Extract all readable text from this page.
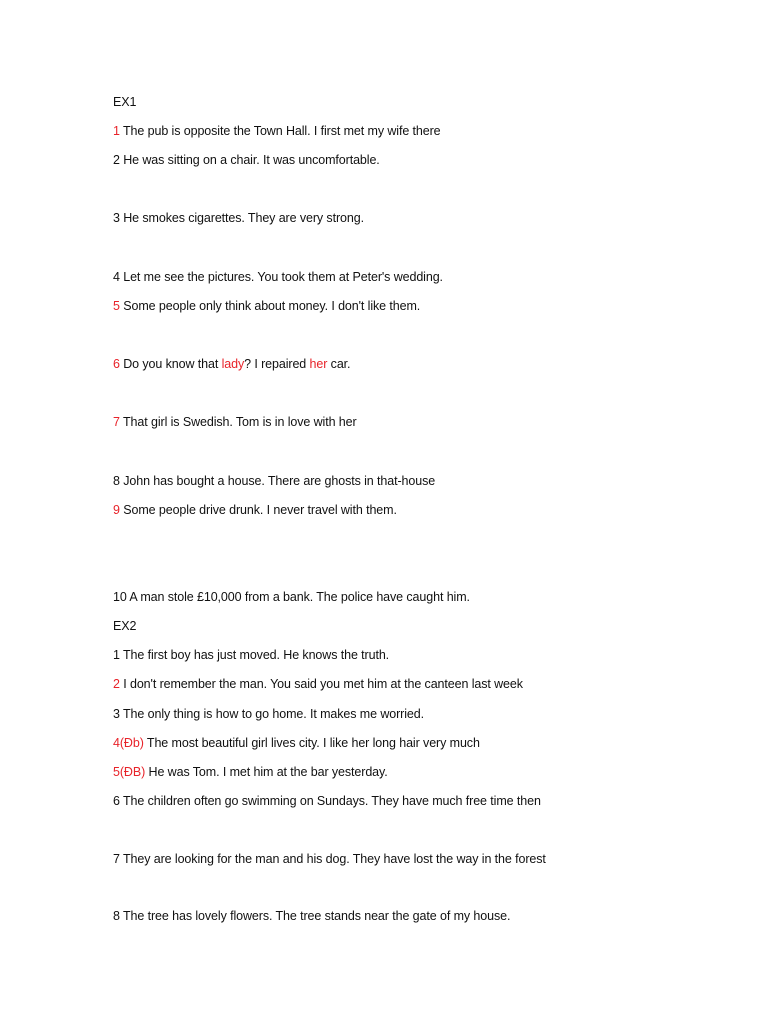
EX1
1 The pub is opposite the Town Hall. I first met my wife there
2 He was sitting on a chair. It was uncomfortable.
3 He smokes cigarettes. They are very strong.
4 Let me see the pictures. You took them at Peter's wedding.
5 Some people only think about money. I don't like them.
6 Do you know that lady? I repaired her car.
7 That girl is Swedish. Tom is in love with her
8 John has bought a house. There are ghosts in that-house
9 Some people drive drunk. I never travel with them.
10 A man stole £10,000 from a bank. The police have caught him.
EX2
1 The first boy has just moved. He knows the truth.
2 I don't remember the man. You said you met him at the canteen last week
3 The only thing is how to go home. It makes me worried.
4(Đb) The most beautiful girl lives city. I like her long hair very much
5(ĐB) He was Tom. I met him at the bar yesterday.
6 The children often go swimming on Sundays. They have much free time then
7 They are looking for the man and his dog. They have lost the way in the forest
8 The tree has lovely flowers. The tree stands near the gate of my house.
